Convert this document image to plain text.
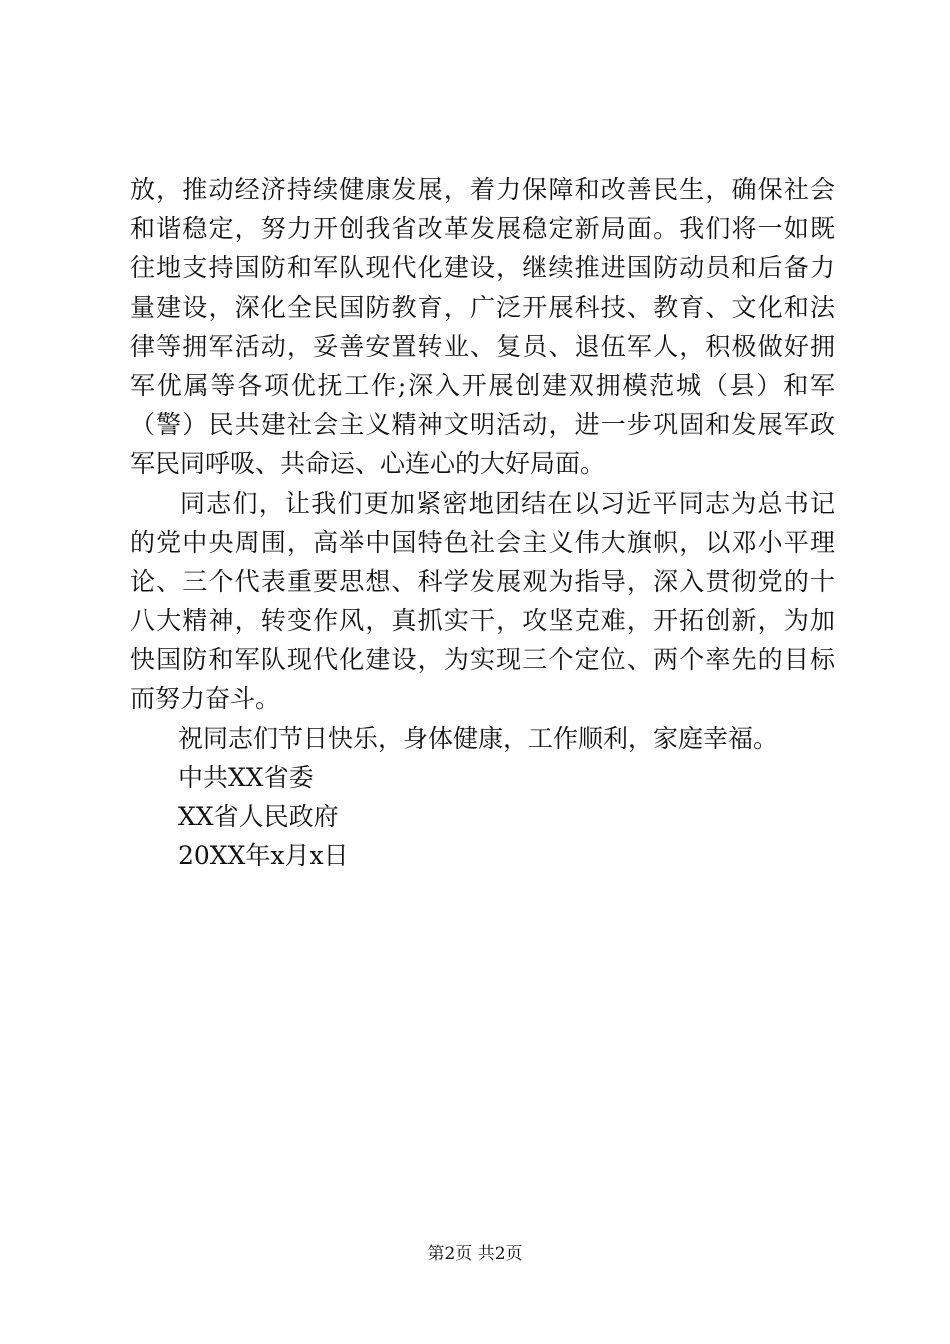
放，推动经济持续健康发展，着力保障和改善民生，确保社会
和谐稳定，努力开创我省改革发展稳定新局面。我们将一如既
往地支持国防和军队现代化建设，继续推进国防动员和后备力
量建设，深化全民国防教育，广泛开展科技、教育、文化和法
律等拥军活动，妥善安置转业、复员、退伍军人，积极做好拥
军优属等各项优抚工作;深入开展创建双拥模范城（县）和军
（警）民共建社会主义精神文明活动，进一步巩固和发展军政
军民同呼吸、共命运、心连心的大好局面。
同志们，让我们更加紧密地团结在以习近平同志为总书记
的党中央周围，高举中国特色社会主义伟大旗帜，以邓小平理
论、三个代表重要思想、科学发展观为指导，深入贯彻党的十
八大精神，转变作风，真抓实干，攻坚克难，开拓创新，为加
快国防和军队现代化建设，为实现三个定位、两个率先的目标
而努力奋斗。
祝同志们节日快乐，身体健康，工作顺利，家庭幸福。
中共XX省委
XX省人民政府
20XX年x月x日
第2页 共2页
